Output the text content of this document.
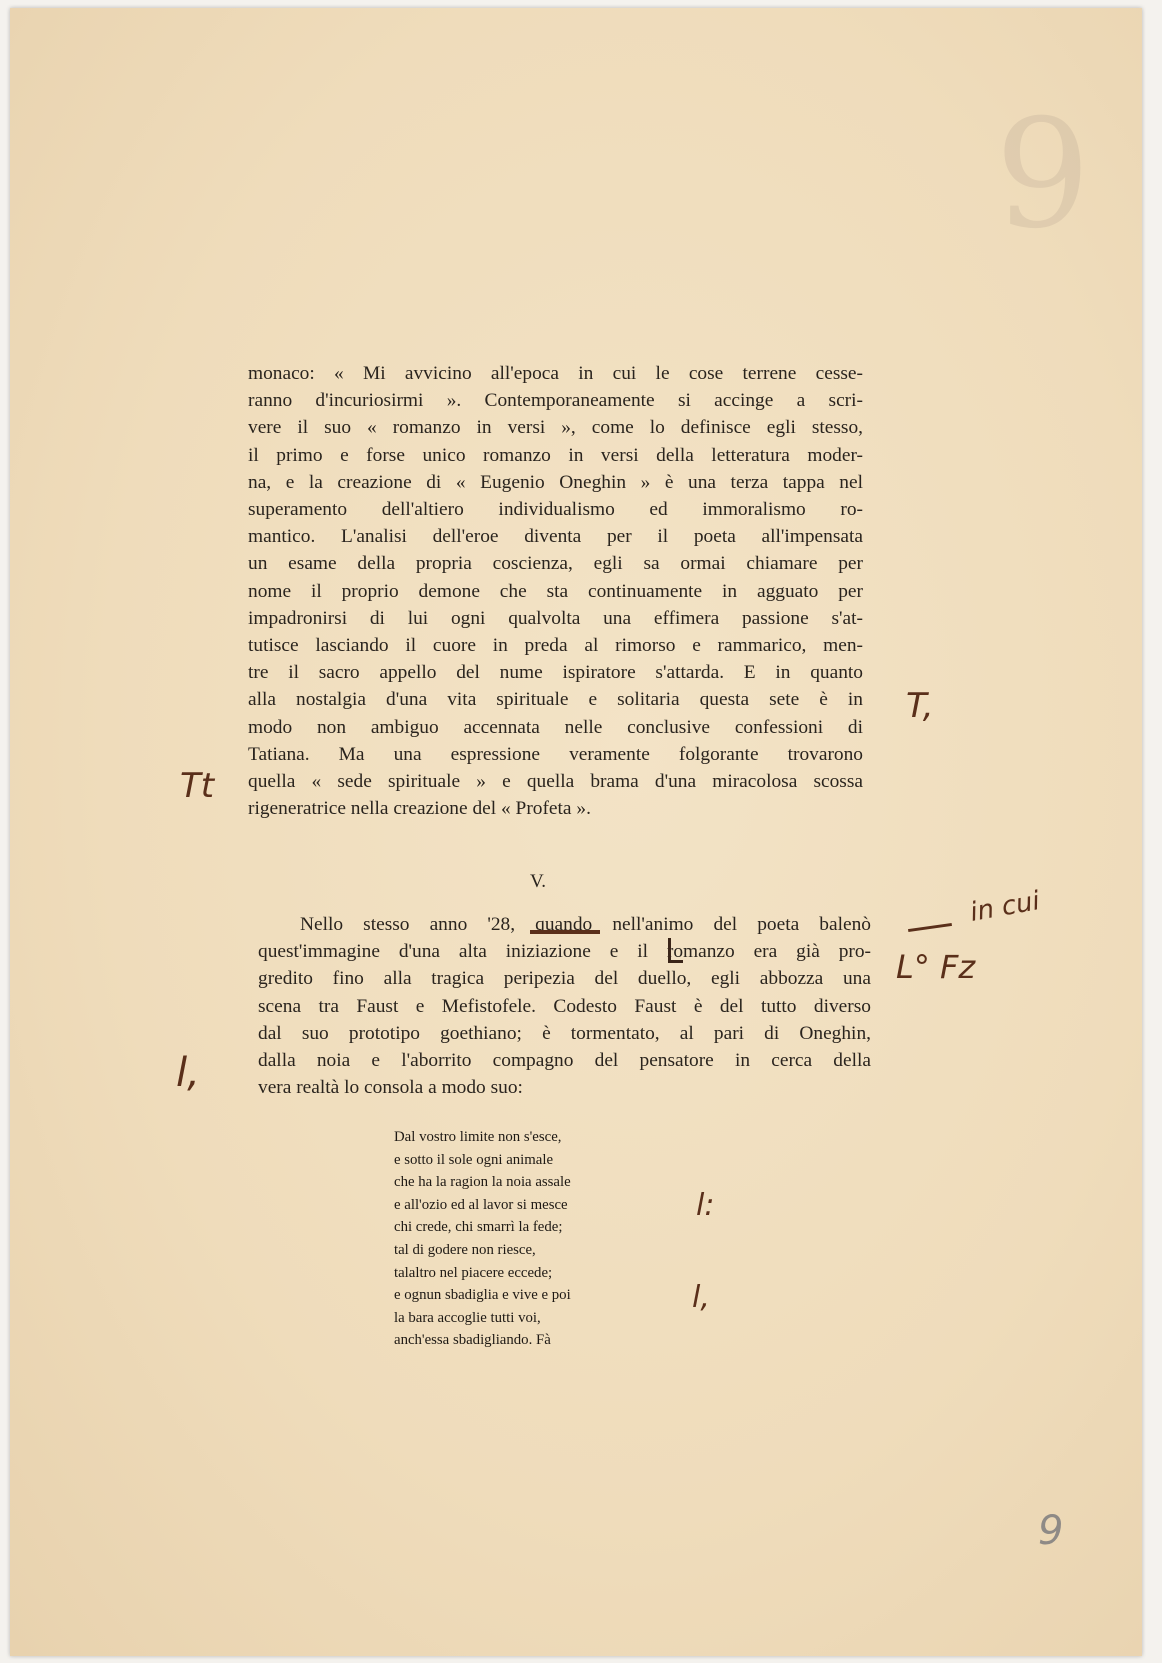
9
monaco: « Mi avvicino all'epoca in cui le cose terrene cesse-
ranno d'incuriosirmi ». Contemporaneamente si accinge a scri-
vere il suo « romanzo in versi », come lo definisce egli stesso,
il primo e forse unico romanzo in versi della letteratura moder-
na, e la creazione di « Eugenio Oneghin » è una terza tappa nel
superamento dell'altiero individualismo ed immoralismo ro-
mantico. L'analisi dell'eroe diventa per il poeta all'impensata
un esame della propria coscienza, egli sa ormai chiamare per
nome il proprio demone che sta continuamente in agguato per
impadronirsi di lui ogni qualvolta una effimera passione s'at-
tutisce lasciando il cuore in preda al rimorso e rammarico, men-
tre il sacro appello del nume ispiratore s'attarda. E in quanto
alla nostalgia d'una vita spirituale e solitaria questa sete è in
modo non ambiguo accennata nelle conclusive confessioni di
Tatiana. Ma una espressione veramente folgorante trovarono
quella « sede spirituale » e quella brama d'una miracolosa scossa
rigeneratrice nella creazione del « Profeta ».
V.
Nello stesso anno '28, quando nell'animo del poeta balenò
quest'immagine d'una alta iniziazione e il romanzo era già pro-
gredito fino alla tragica peripezia del duello, egli abbozza una
scena tra Faust e Mefistofele. Codesto Faust è del tutto diverso
dal suo prototipo goethiano; è tormentato, al pari di Oneghin,
dalla noia e l'aborrito compagno del pensatore in cerca della
vera realtà lo consola a modo suo:
Dal vostro limite non s'esce,
e sotto il sole ogni animale
che ha la ragion la noia assale
e all'ozio ed al lavor si mesce
chi crede, chi smarrì la fede;
tal di godere non riesce,
talaltro nel piacere eccede;
e ognun sbadiglia e vive e poi
la bara accoglie tutti voi,
anch'essa sbadigliando. Fà
T,
Tt
in cui
L° Fz
l,
l:
l,
9
